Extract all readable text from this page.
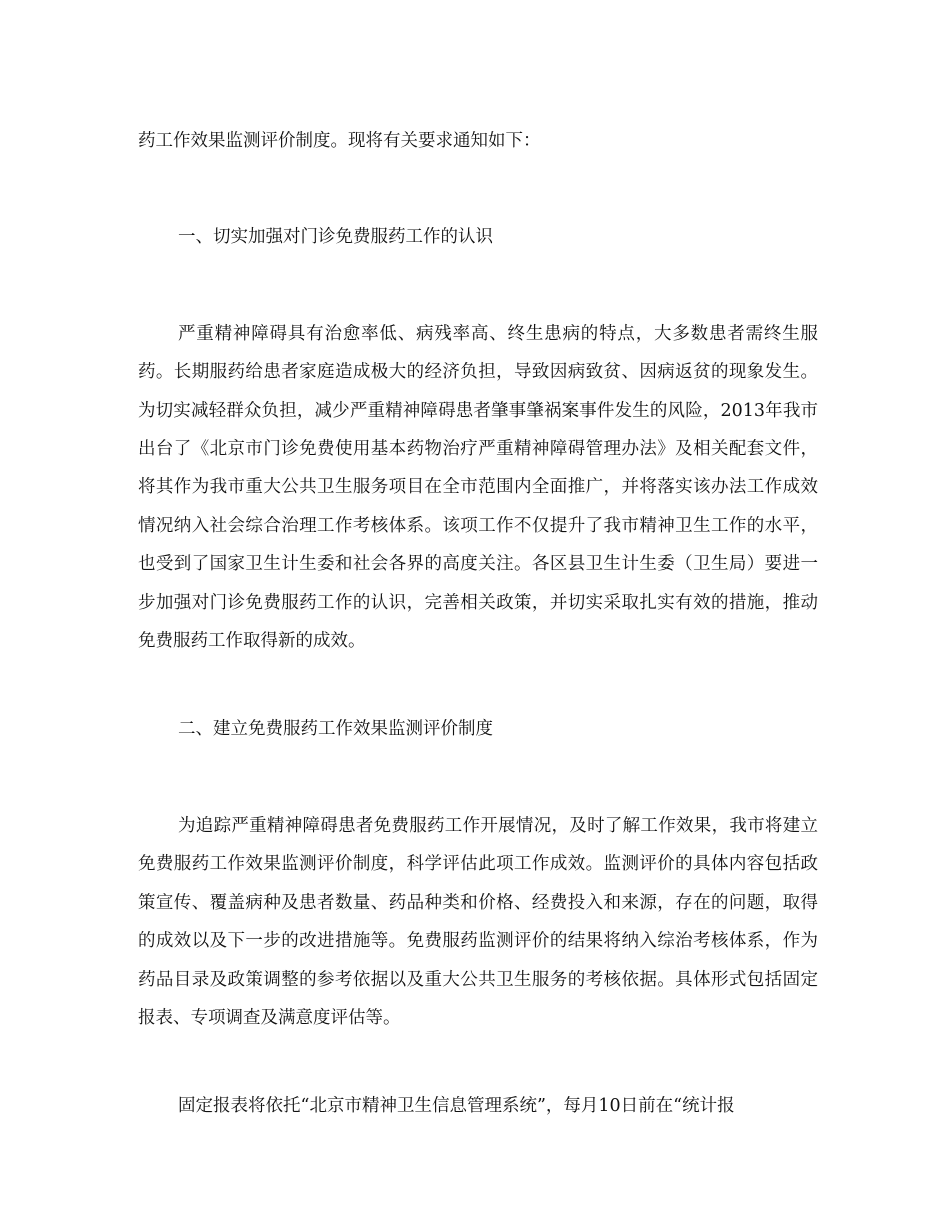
药工作效果监测评价制度。现将有关要求通知如下：

一、切实加强对门诊免费服药工作的认识

严重精神障碍具有治愈率低、病残率高、终生患病的特点，大多数患者需终生服药。长期服药给患者家庭造成极大的经济负担，导致因病致贫、因病返贫的现象发生。为切实减轻群众负担，减少严重精神障碍患者肇事肇祸案事件发生的风险，2013年我市出台了《北京市门诊免费使用基本药物治疗严重精神障碍管理办法》及相关配套文件，将其作为我市重大公共卫生服务项目在全市范围内全面推广，并将落实该办法工作成效情况纳入社会综合治理工作考核体系。该项工作不仅提升了我市精神卫生工作的水平，也受到了国家卫生计生委和社会各界的高度关注。各区县卫生计生委（卫生局）要进一步加强对门诊免费服药工作的认识，完善相关政策，并切实采取扎实有效的措施，推动免费服药工作取得新的成效。

二、建立免费服药工作效果监测评价制度

为追踪严重精神障碍患者免费服药工作开展情况，及时了解工作效果，我市将建立免费服药工作效果监测评价制度，科学评估此项工作成效。监测评价的具体内容包括政策宣传、覆盖病种及患者数量、药品种类和价格、经费投入和来源，存在的问题，取得的成效以及下一步的改进措施等。免费服药监测评价的结果将纳入综治考核体系，作为药品目录及政策调整的参考依据以及重大公共卫生服务的考核依据。具体形式包括固定报表、专项调查及满意度评估等。

固定报表将依托“北京市精神卫生信息管理系统”，每月10日前在“统计报
